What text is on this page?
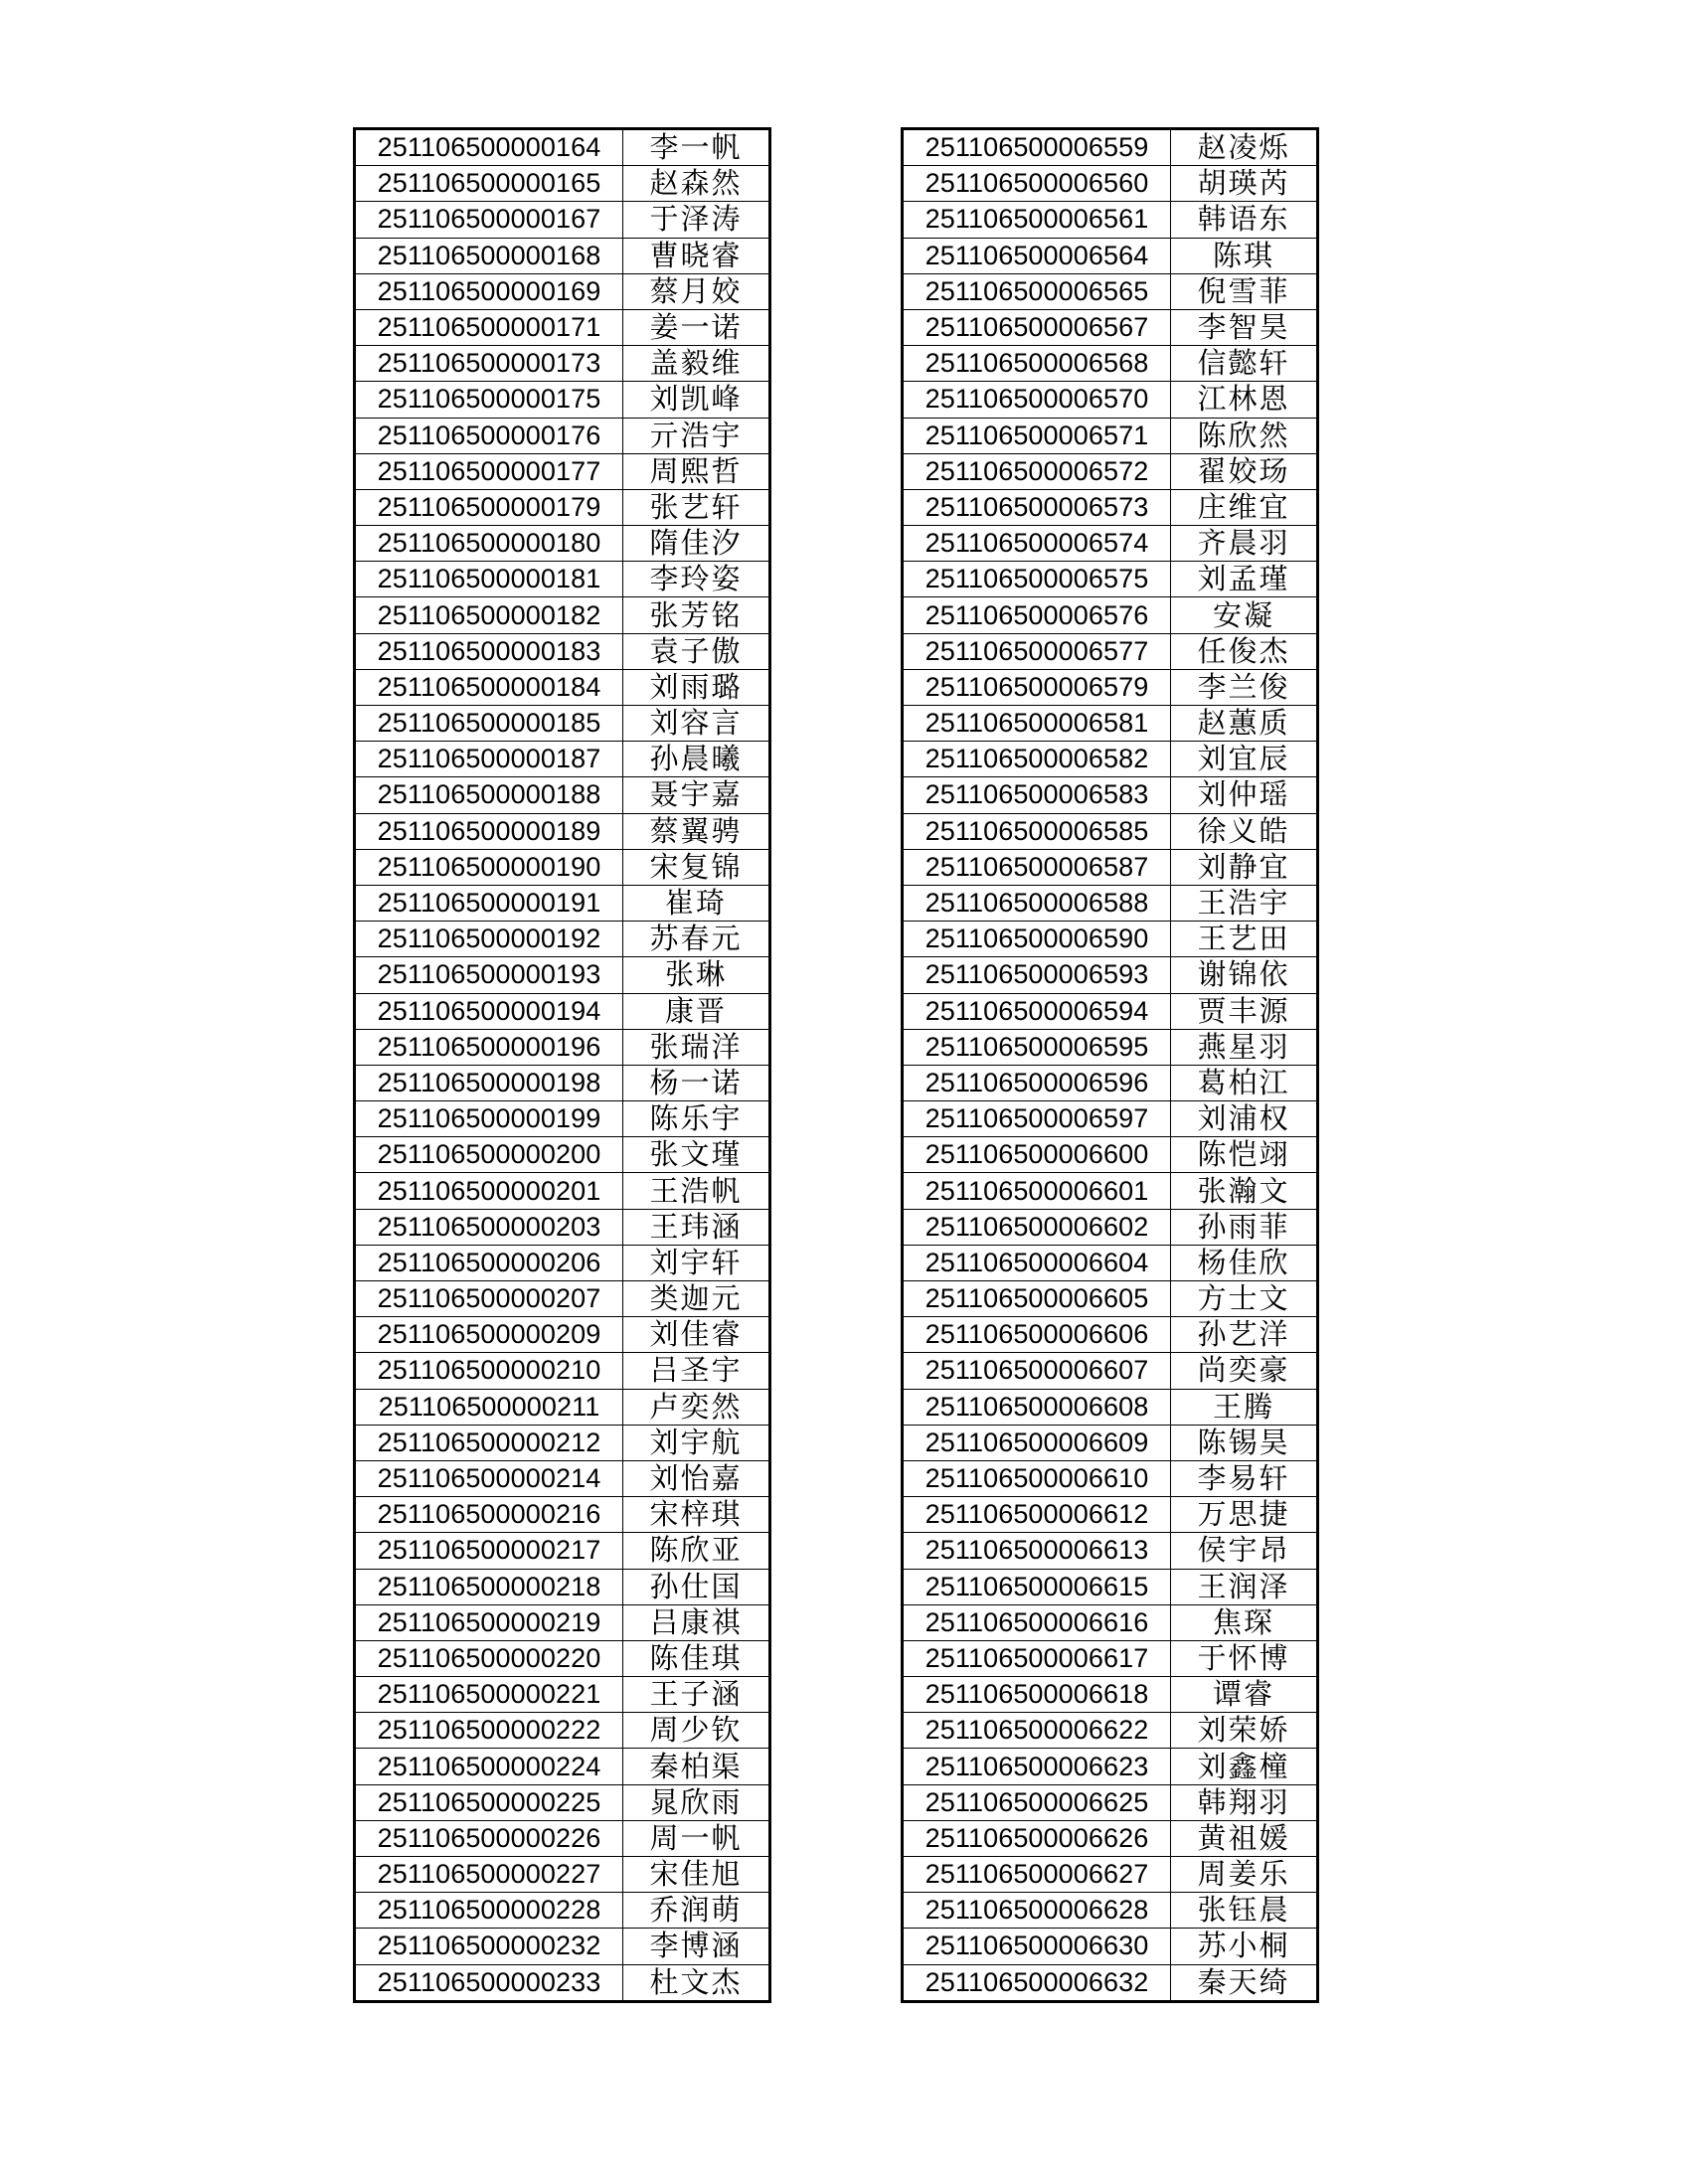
251106500000164	李一帆
251106500000165	赵森然
251106500000167	于泽涛
251106500000168	曹晓睿
251106500000169	蔡月姣
251106500000171	姜一诺
251106500000173	盖毅维
251106500000175	刘凯峰
251106500000176	亓浩宇
251106500000177	周熙哲
251106500000179	张艺轩
251106500000180	隋佳汐
251106500000181	李玲姿
251106500000182	张芳铭
251106500000183	袁子傲
251106500000184	刘雨璐
251106500000185	刘容言
251106500000187	孙晨曦
251106500000188	聂宇嘉
251106500000189	蔡翼骋
251106500000190	宋复锦
251106500000191	崔琦
251106500000192	苏春元
251106500000193	张琳
251106500000194	康晋
251106500000196	张瑞洋
251106500000198	杨一诺
251106500000199	陈乐宇
251106500000200	张文瑾
251106500000201	王浩帆
251106500000203	王玮涵
251106500000206	刘宇轩
251106500000207	类迦元
251106500000209	刘佳睿
251106500000210	吕圣宇
251106500000211	卢奕然
251106500000212	刘宇航
251106500000214	刘怡嘉
251106500000216	宋梓琪
251106500000217	陈欣亚
251106500000218	孙仕国
251106500000219	吕康祺
251106500000220	陈佳琪
251106500000221	王子涵
251106500000222	周少钦
251106500000224	秦柏渠
251106500000225	晁欣雨
251106500000226	周一帆
251106500000227	宋佳旭
251106500000228	乔润萌
251106500000232	李博涵
251106500000233	杜文杰
251106500006559	赵凌烁
251106500006560	胡瑛芮
251106500006561	韩语东
251106500006564	陈琪
251106500006565	倪雪菲
251106500006567	李智昊
251106500006568	信懿轩
251106500006570	江林恩
251106500006571	陈欣然
251106500006572	翟姣玚
251106500006573	庄维宜
251106500006574	齐晨羽
251106500006575	刘孟瑾
251106500006576	安凝
251106500006577	任俊杰
251106500006579	李兰俊
251106500006581	赵蕙质
251106500006582	刘宜辰
251106500006583	刘仲瑶
251106500006585	徐义皓
251106500006587	刘静宜
251106500006588	王浩宇
251106500006590	王艺田
251106500006593	谢锦依
251106500006594	贾丰源
251106500006595	燕星羽
251106500006596	葛柏江
251106500006597	刘浦权
251106500006600	陈恺翊
251106500006601	张瀚文
251106500006602	孙雨菲
251106500006604	杨佳欣
251106500006605	方士文
251106500006606	孙艺洋
251106500006607	尚奕豪
251106500006608	王腾
251106500006609	陈锡昊
251106500006610	李易轩
251106500006612	万思捷
251106500006613	侯宇昂
251106500006615	王润泽
251106500006616	焦琛
251106500006617	于怀博
251106500006618	谭睿
251106500006622	刘荣娇
251106500006623	刘鑫橦
251106500006625	韩翔羽
251106500006626	黄祖媛
251106500006627	周姜乐
251106500006628	张钰晨
251106500006630	苏小桐
251106500006632	秦天绮
